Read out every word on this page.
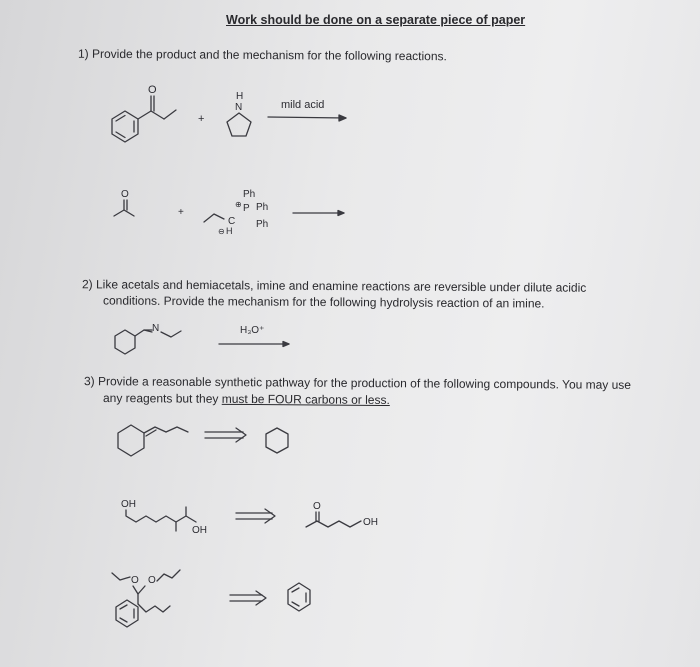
Work should be done on a separate piece of paper
1) Provide the product and the mechanism for the following reactions.
O
+
H
N	mild acid
O
+
Ph
P
⊕ Ph
Ph
C
H
⊖
2) Like acetals and hemiacetals, imine and enamine reactions are reversible under dilute acidic
conditions. Provide the mechanism for the following hydrolysis reaction of an imine.
N	H₃O⁺
3) Provide a reasonable synthetic pathway for the production of the following compounds. You may use
any reagents but they must be FOUR carbons or less.
OH
OH
O
OH
O O
